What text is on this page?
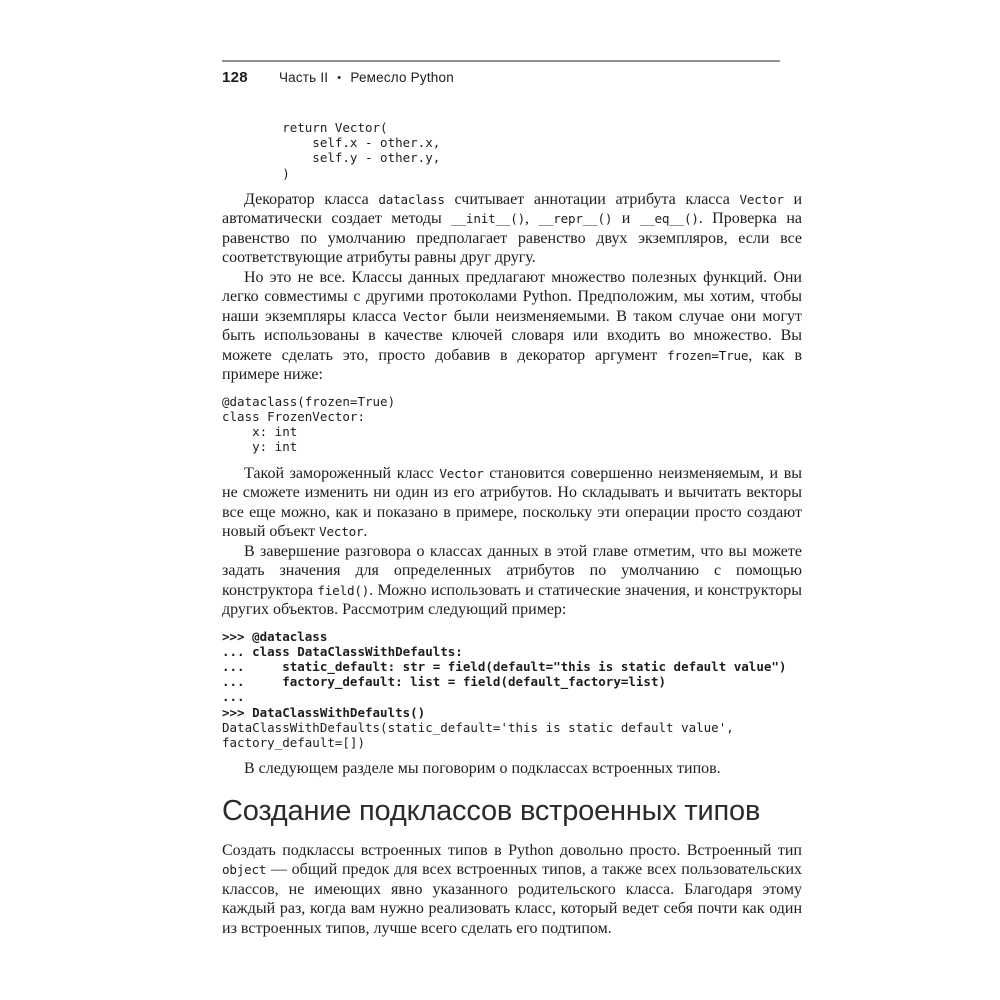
128 Часть II • Ремесло Python
return Vector(
self.x - other.x,
self.y - other.y,
)

Декоратор класса dataclass считывает аннотации атрибута класса Vector и автоматически создает методы __init__(), __repr__() и __eq__(). Проверка на равенство по умолчанию предполагает равенство двух экземпляров, если все соответствующие атрибуты равны друг другу.

Но это не все. Классы данных предлагают множество полезных функций. Они легко совместимы с другими протоколами Python. Предположим, мы хотим, чтобы наши экземпляры класса Vector были неизменяемыми. В таком случае они могут быть использованы в качестве ключей словаря или входить во множество. Вы можете сделать это, просто добавив в декоратор аргумент frozen=True, как в примере ниже:

@dataclass(frozen=True)
class FrozenVector:
x: int
y: int

Такой замороженный класс Vector становится совершенно неизменяемым, и вы не сможете изменить ни один из его атрибутов. Но складывать и вычитать векторы все еще можно, как и показано в примере, поскольку эти операции просто создают новый объект Vector.

В завершение разговора о классах данных в этой главе отметим, что вы можете задать значения для определенных атрибутов по умолчанию с помощью конструктора field(). Можно использовать и статические значения, и конструкторы других объектов. Рассмотрим следующий пример:

>>> @dataclass
... class DataClassWithDefaults:
...     static_default: str = field(default="this is static default value")
...     factory_default: list = field(default_factory=list)
...
>>> DataClassWithDefaults()
DataClassWithDefaults(static_default='this is static default value',
factory_default=[])

В следующем разделе мы поговорим о подклассах встроенных типов.

Создание подклассов встроенных типов

Создать подклассы встроенных типов в Python довольно просто. Встроенный тип object — общий предок для всех встроенных типов, а также всех пользовательских классов, не имеющих явно указанного родительского класса. Благодаря этому каждый раз, когда вам нужно реализовать класс, который ведет себя почти как один из встроенных типов, лучше всего сделать его подтипом.
